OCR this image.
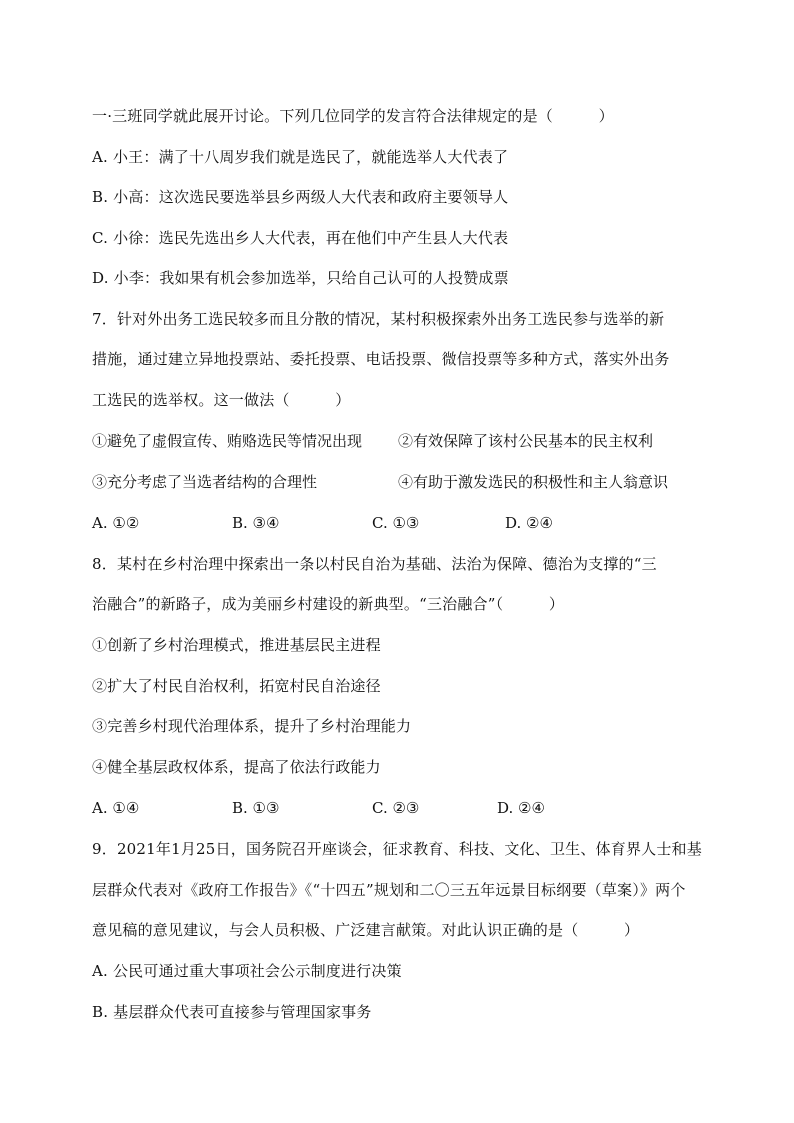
一·三班同学就此展开讨论。下列几位同学的发言符合法律规定的是（　　　）
A. 小王：满了十八周岁我们就是选民了，就能选举人大代表了
B. 小高：这次选民要选举县乡两级人大代表和政府主要领导人
C. 小徐：选民先选出乡人大代表，再在他们中产生县人大代表
D. 小李：我如果有机会参加选举，只给自己认可的人投赞成票
7．针对外出务工选民较多而且分散的情况，某村积极探索外出务工选民参与选举的新
措施，通过建立异地投票站、委托投票、电话投票、微信投票等多种方式，落实外出务
工选民的选举权。这一做法（　　　）
①避免了虚假宣传、贿赂选民等情况出现 ②有效保障了该村公民基本的民主权利
③充分考虑了当选者结构的合理性	④有助于激发选民的积极性和主人翁意识
A. ①②	B. ③④	C. ①③	D. ②④
8．某村在乡村治理中探索出一条以村民自治为基础、法治为保障、德治为支撑的“三
治融合”的新路子，成为美丽乡村建设的新典型。“三治融合”（　　　）
①创新了乡村治理模式，推进基层民主进程
②扩大了村民自治权利，拓宽村民自治途径
③完善乡村现代治理体系，提升了乡村治理能力
④健全基层政权体系，提高了依法行政能力
A. ①④	B. ①③	C. ②③	D. ②④
9．2021年1月25日，国务院召开座谈会，征求教育、科技、文化、卫生、体育界人士和基
层群众代表对《政府工作报告》《“十四五”规划和二〇三五年远景目标纲要（草案）》两个
意见稿的意见建议，与会人员积极、广泛建言献策。对此认识正确的是（　　　）
A. 公民可通过重大事项社会公示制度进行决策
B. 基层群众代表可直接参与管理国家事务
